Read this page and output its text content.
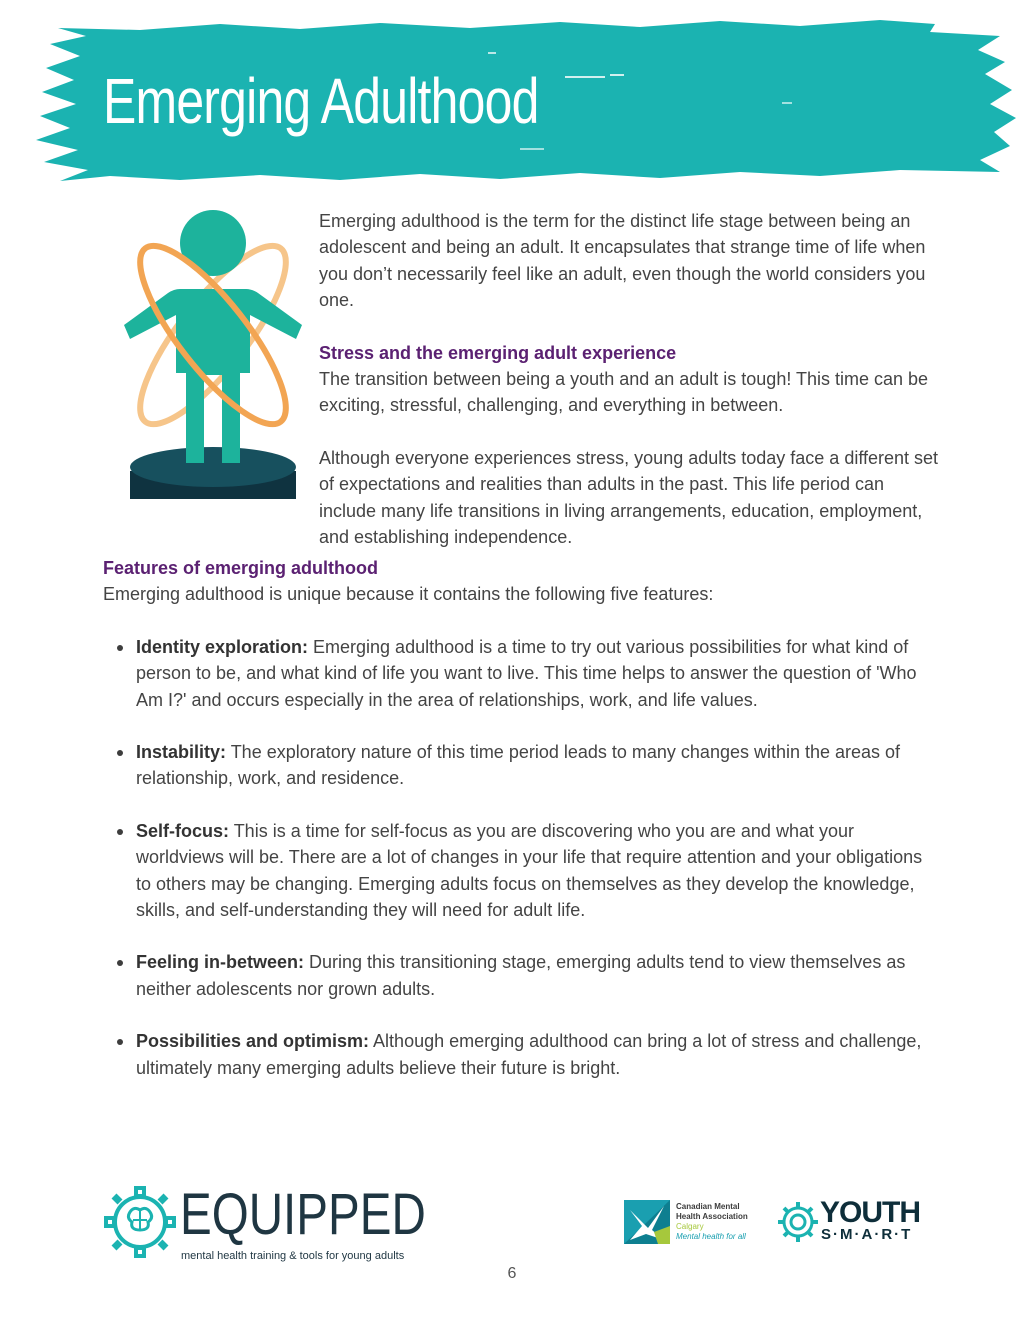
Emerging Adulthood

Emerging adulthood is the term for the distinct life stage between being an adolescent and being an adult. It encapsulates that strange time of life when you don’t necessarily feel like an adult, even though the world considers you one.

Stress and the emerging adult experience

The transition between being a youth and an adult is tough! This time can be exciting, stressful, challenging, and everything in between.

Although everyone experiences stress, young adults today face a different set of expectations and realities than adults in the past. This life period can include many life transitions in living arrangements, education, employment, and establishing independence.

Features of emerging adulthood

Emerging adulthood is unique because it contains the following five features:

Identity exploration: Emerging adulthood is a time to try out various possibilities for what kind of person to be, and what kind of life you want to live. This time helps to answer the question of 'Who Am I?' and occurs especially in the area of relationships, work, and life values.
Instability: The exploratory nature of this time period leads to many changes within the areas of relationship, work, and residence.
Self-focus: This is a time for self-focus as you are discovering who you are and what your worldviews will be. There are a lot of changes in your life that require attention and your obligations to others may be changing. Emerging adults focus on themselves as they develop the knowledge, skills, and self-understanding they will need for adult life.
Feeling in-between: During this transitioning stage, emerging adults tend to view themselves as neither adolescents nor grown adults.
Possibilities and optimism: Although emerging adulthood can bring a lot of stress and challenge, ultimately many emerging adults believe their future is bright.
EQUIPPED
mental health training & tools for young adults
Canadian Mental
Health Association
Calgary
Mental health for all
YOUTH
S·M·A·R·T
6
